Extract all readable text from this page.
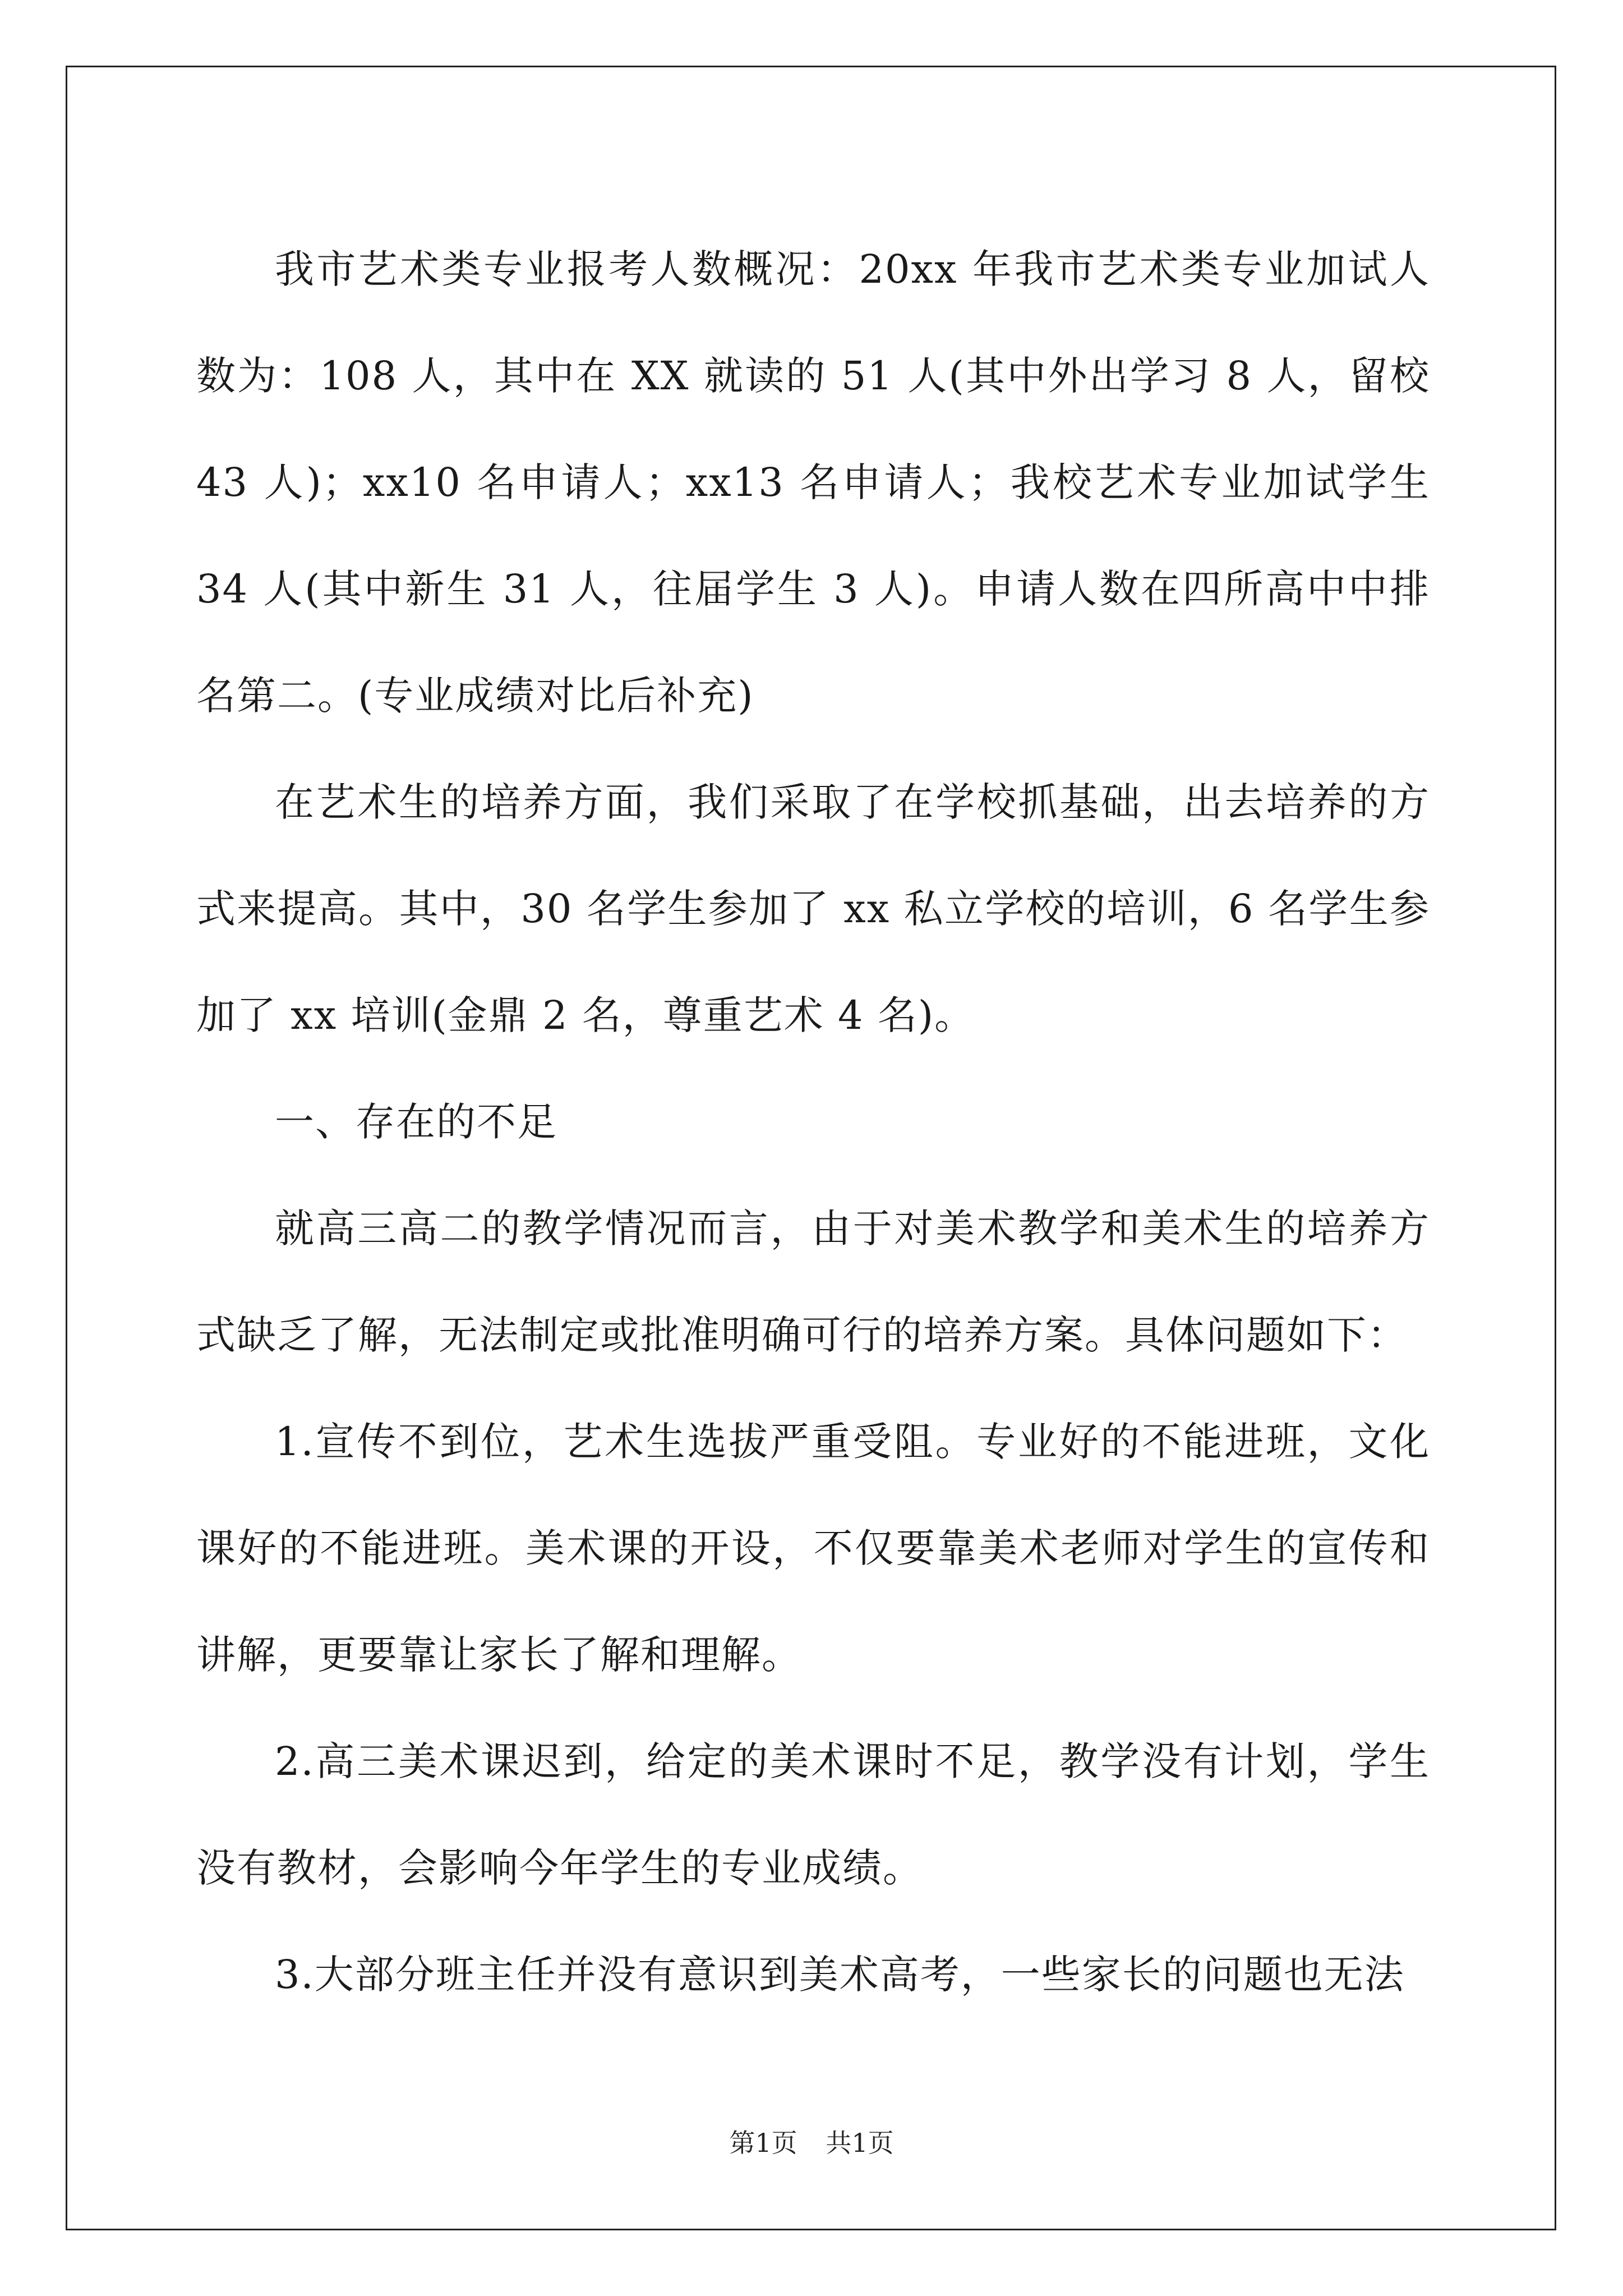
我市艺术类专业报考人数概况：20xx 年我市艺术类专业加试人数为：108 人，其中在 XX 就读的 51 人(其中外出学习 8 人，留校 43 人)；xx10 名申请人；xx13 名申请人；我校艺术专业加试学生 34 人(其中新生 31 人，往届学生 3 人)。申请人数在四所高中中排名第二。(专业成绩对比后补充)

在艺术生的培养方面，我们采取了在学校抓基础，出去培养的方式来提高。其中，30 名学生参加了 xx 私立学校的培训，6 名学生参加了 xx 培训(金鼎 2 名，尊重艺术 4 名)。

一、存在的不足

就高三高二的教学情况而言，由于对美术教学和美术生的培养方式缺乏了解，无法制定或批准明确可行的培养方案。具体问题如下：

1.宣传不到位，艺术生选拔严重受阻。专业好的不能进班，文化课好的不能进班。美术课的开设，不仅要靠美术老师对学生的宣传和讲解，更要靠让家长了解和理解。

2.高三美术课迟到，给定的美术课时不足，教学没有计划，学生没有教材，会影响今年学生的专业成绩。

3.大部分班主任并没有意识到美术高考，一些家长的问题也无法

第1页 共1页
